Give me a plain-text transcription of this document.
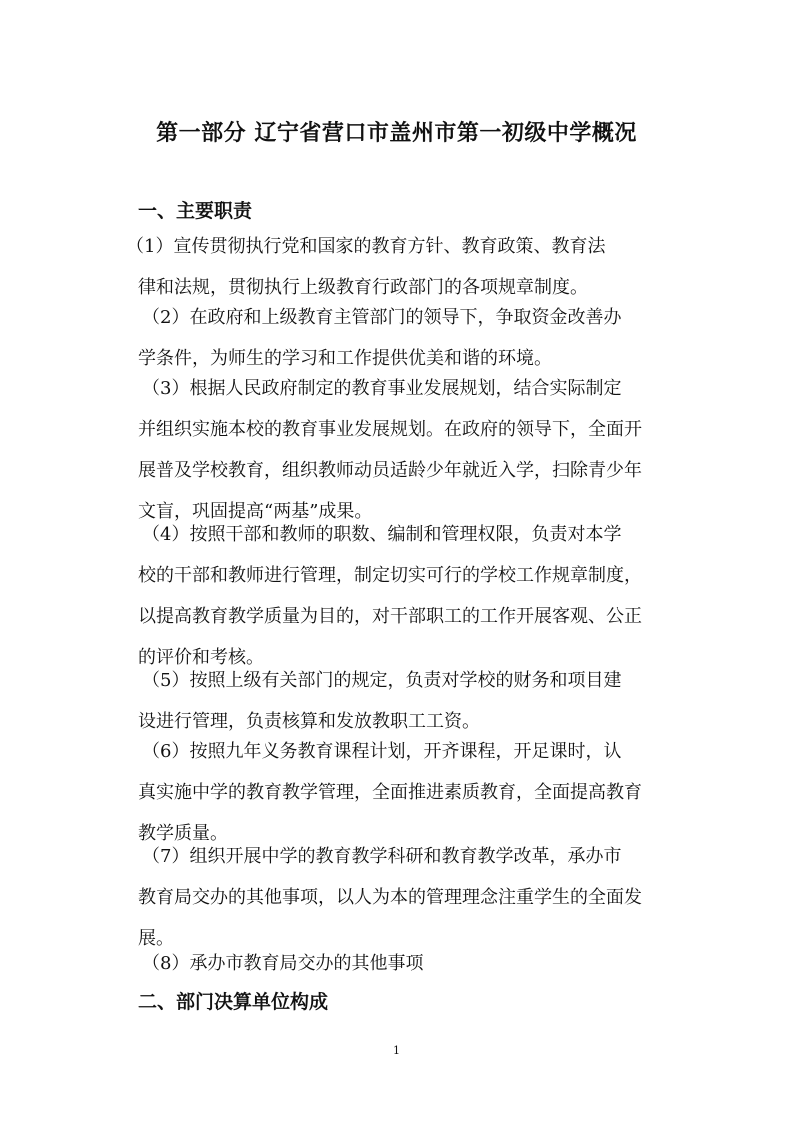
第一部分 辽宁省营口市盖州市第一初级中学概况
一、主要职责
（1）宣传贯彻执行党和国家的教育方针、教育政策、教育法
律和法规，贯彻执行上级教育行政部门的各项规章制度。
（2）在政府和上级教育主管部门的领导下，争取资金改善办
学条件，为师生的学习和工作提供优美和谐的环境。
（3）根据人民政府制定的教育事业发展规划，结合实际制定
并组织实施本校的教育事业发展规划。在政府的领导下，全面开
展普及学校教育，组织教师动员适龄少年就近入学，扫除青少年
文盲，巩固提高“两基”成果。
（4）按照干部和教师的职数、编制和管理权限，负责对本学
校的干部和教师进行管理，制定切实可行的学校工作规章制度，
以提高教育教学质量为目的，对干部职工的工作开展客观、公正
的评价和考核。
（5）按照上级有关部门的规定，负责对学校的财务和项目建
设进行管理，负责核算和发放教职工工资。
（6）按照九年义务教育课程计划，开齐课程，开足课时，认
真实施中学的教育教学管理，全面推进素质教育，全面提高教育
教学质量。
（7）组织开展中学的教育教学科研和教育教学改革，承办市
教育局交办的其他事项，以人为本的管理理念注重学生的全面发
展。
（8）承办市教育局交办的其他事项
二、部门决算单位构成
1
